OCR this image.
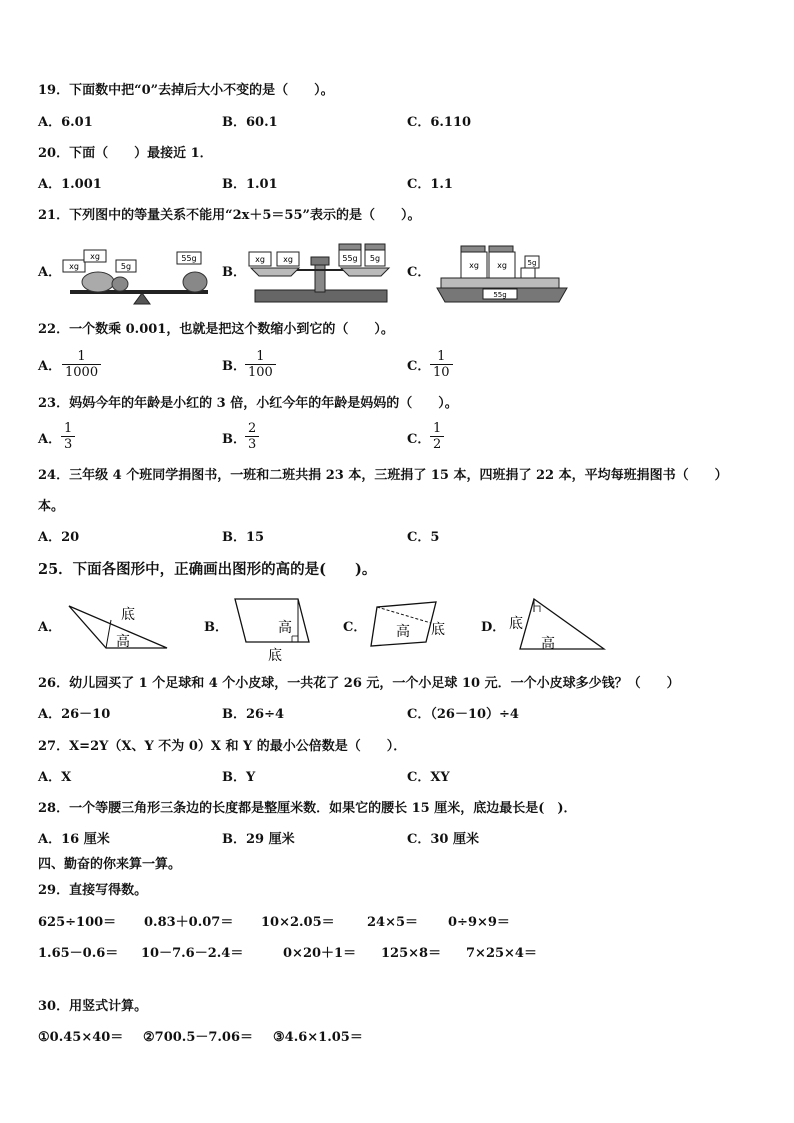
19．下面数中把“0”去掉后大小不变的是（　　）。
A．6.01	B．60.1	C．6.110
20．下面（　　）最接近 1．
A．1.001	B．1.01	C．1.1
21．下列图中的等量关系不能用“2x＋5＝55”表示的是（　　）。
A．	B．	C．
xg
xg
5g
55g	xg xg	55g 5g
55g
xg xg	5g
22．一个数乘 0.001，也就是把这个数缩小到它的（　　）。
A． $\frac{1}{1000}$	B． $\frac{1}{100}$	C． $\frac{1}{10}$
23．妈妈今年的年龄是小红的 3 倍，小红今年的年龄是妈妈的（　　）。
A． $\frac{1}{3}$	B． $\frac{2}{3}$	C． $\frac{1}{2}$
24．三年级 4 个班同学捐图书，一班和二班共捐 23 本，三班捐了 15 本，四班捐了 22 本，平均每班捐图书（　　）
本。
A．20	B．15	C．5
25．下面各图形中，正确画出图形的高的是(　　)。
A．	B．	C．	D．
底
高
高
底
高 底	底
高
26．幼儿园买了 1 个足球和 4 个小皮球，一共花了 26 元，一个小足球 10 元．一个小皮球多少钱？（　　）
A．26－10	B．26÷4	C．（26－10）÷4
27．X=2Y（X、Y 不为 0）X 和 Y 的最小公倍数是（　　）．
A．X	B．Y	C．XY
28．一个等腰三角形三条边的长度都是整厘米数．如果它的腰长 15 厘米，底边最长是(　)．
A．16 厘米	B．29 厘米	C．30 厘米
四、勤奋的你来算一算。
29．直接写得数。
625÷100＝ 0.83＋0.07＝ 10×2.05＝ 24×5＝ 0÷9×9＝
1.65－0.6＝ 10－7.6－2.4＝	0×20＋1＝ 125×8＝ 7×25×4＝
30．用竖式计算。
①0.45×40＝ ②700.5－7.06＝ ③4.6×1.05＝
